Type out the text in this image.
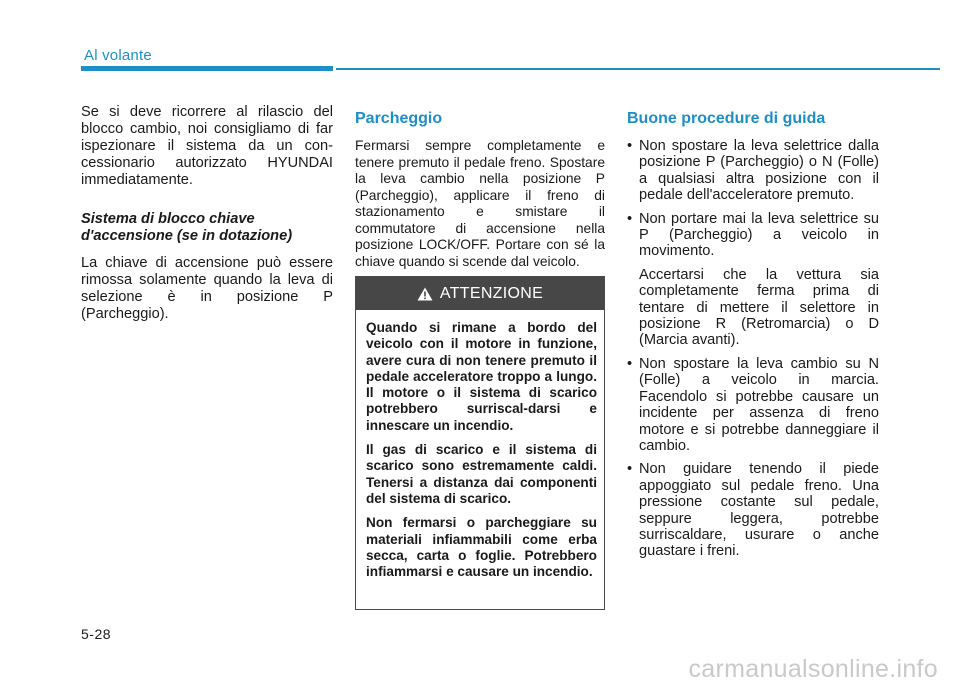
Al volante

Se si deve ricorrere al rilascio del blocco cambio, noi consigliamo di far ispezionare il sistema da un con-cessionario autorizzato HYUNDAI immediatamente.

Sistema di blocco chiave d'accensione (se in dotazione)

La chiave di accensione può essere rimossa solamente quando la leva di selezione è in posizione P (Parcheggio).

Parcheggio

Fermarsi sempre completamente e tenere premuto il pedale freno. Spostare la leva cambio nella posizione P (Parcheggio), applicare il freno di stazionamento e smistare il commutatore di accensione nella posizione LOCK/OFF. Portare con sé la chiave quando si scende dal veicolo.

ATTENZIONE

Quando si rimane a bordo del veicolo con il motore in funzione, avere cura di non tenere premuto il pedale acceleratore troppo a lungo. Il motore o il sistema di scarico potrebbero surriscal-darsi e innescare un incendio.

Il gas di scarico e il sistema di scarico sono estremamente caldi. Tenersi a distanza dai componenti del sistema di scarico.

Non fermarsi o parcheggiare su materiali infiammabili come erba secca, carta o foglie. Potrebbero infiammarsi e causare un incendio.

Buone procedure di guida
• Non spostare la leva selettrice dalla posizione P (Parcheggio) o N (Folle) a qualsiasi altra posizione con il pedale dell'acceleratore premuto.
• Non portare mai la leva selettrice su P (Parcheggio) a veicolo in movimento.
Accertarsi che la vettura sia completamente ferma prima di tentare di mettere il selettore in posizione R (Retromarcia) o D (Marcia avanti).
• Non spostare la leva cambio su N (Folle) a veicolo in marcia. Facendolo si potrebbe causare un incidente per assenza di freno motore e si potrebbe danneggiare il cambio.
• Non guidare tenendo il piede appoggiato sul pedale freno. Una pressione costante sul pedale, seppure leggera, potrebbe surriscaldare, usurare o anche guastare i freni.
5-28
carmanualsonline.info
